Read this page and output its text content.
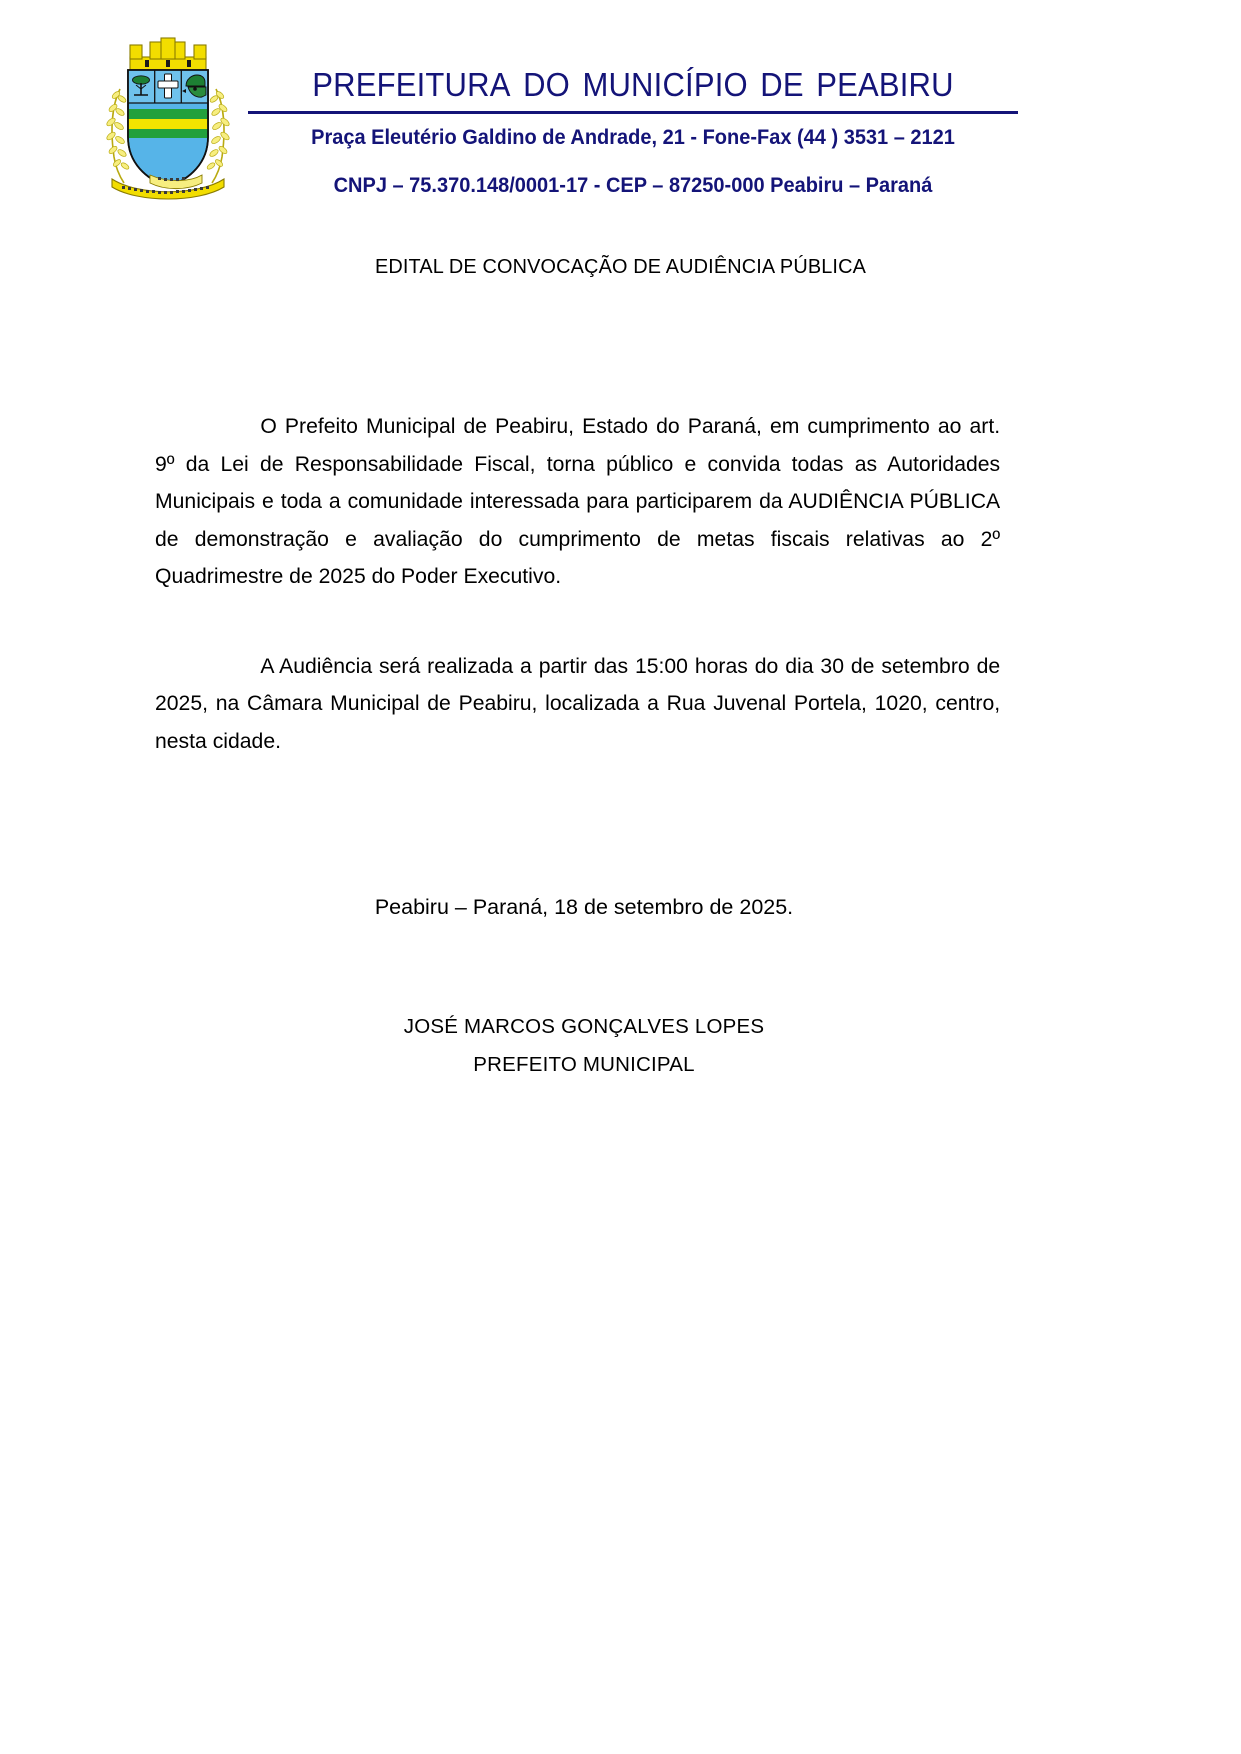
prefeitura do município de peabiru
Praça Eleutério Galdino de Andrade, 21 - Fone-Fax (44 ) 3531 – 2121
CNPJ – 75.370.148/0001-17 - CEP – 87250-000 Peabiru – Paraná
EDITAL DE CONVOCAÇÃO DE AUDIÊNCIA PÚBLICA

O Prefeito Municipal de Peabiru, Estado do Paraná, em cumprimento ao art. 9º da Lei de Responsabilidade Fiscal, torna público e convida todas as Autoridades Municipais e toda a comunidade interessada para participarem da AUDIÊNCIA PÚBLICA de demonstração e avaliação do cumprimento de metas fiscais relativas ao 2º Quadrimestre de 2025 do Poder Executivo.

A Audiência será realizada a partir das 15:00 horas do dia 30 de setembro de 2025, na Câmara Municipal de Peabiru, localizada a Rua Juvenal Portela, 1020, centro, nesta cidade.

Peabiru – Paraná, 18 de setembro de 2025.
JOSÉ MARCOS GONÇALVES LOPES
PREFEITO MUNICIPAL
